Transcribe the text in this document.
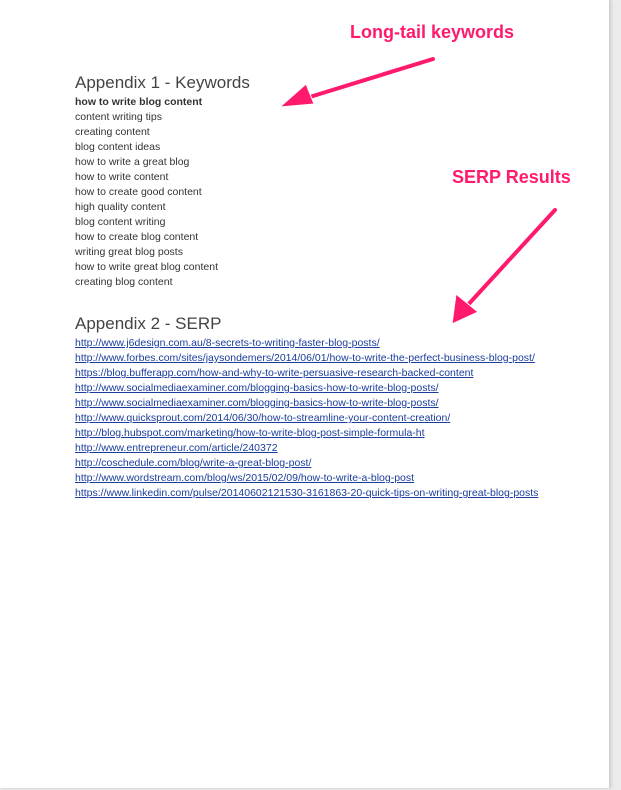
Appendix 1 - Keywords
how to write blog content
content writing tips
creating content
blog content ideas
how to write a great blog
how to write content
how to create good content
high quality content
blog content writing
how to create blog content
writing great blog posts
how to write great blog content
creating blog content
Appendix 2 - SERP
http://www.j6design.com.au/8-secrets-to-writing-faster-blog-posts/
http://www.forbes.com/sites/jaysondemers/2014/06/01/how-to-write-the-perfect-business-blog-post/
https://blog.bufferapp.com/how-and-why-to-write-persuasive-research-backed-content
http://www.socialmediaexaminer.com/blogging-basics-how-to-write-blog-posts/
http://www.socialmediaexaminer.com/blogging-basics-how-to-write-blog-posts/
http://www.quicksprout.com/2014/06/30/how-to-streamline-your-content-creation/
http://blog.hubspot.com/marketing/how-to-write-blog-post-simple-formula-ht
http://www.entrepreneur.com/article/240372
http://coschedule.com/blog/write-a-great-blog-post/
http://www.wordstream.com/blog/ws/2015/02/09/how-to-write-a-blog-post
https://www.linkedin.com/pulse/20140602121530-3161863-20-quick-tips-on-writing-great-blog-posts
Long-tail keywords
SERP Results
